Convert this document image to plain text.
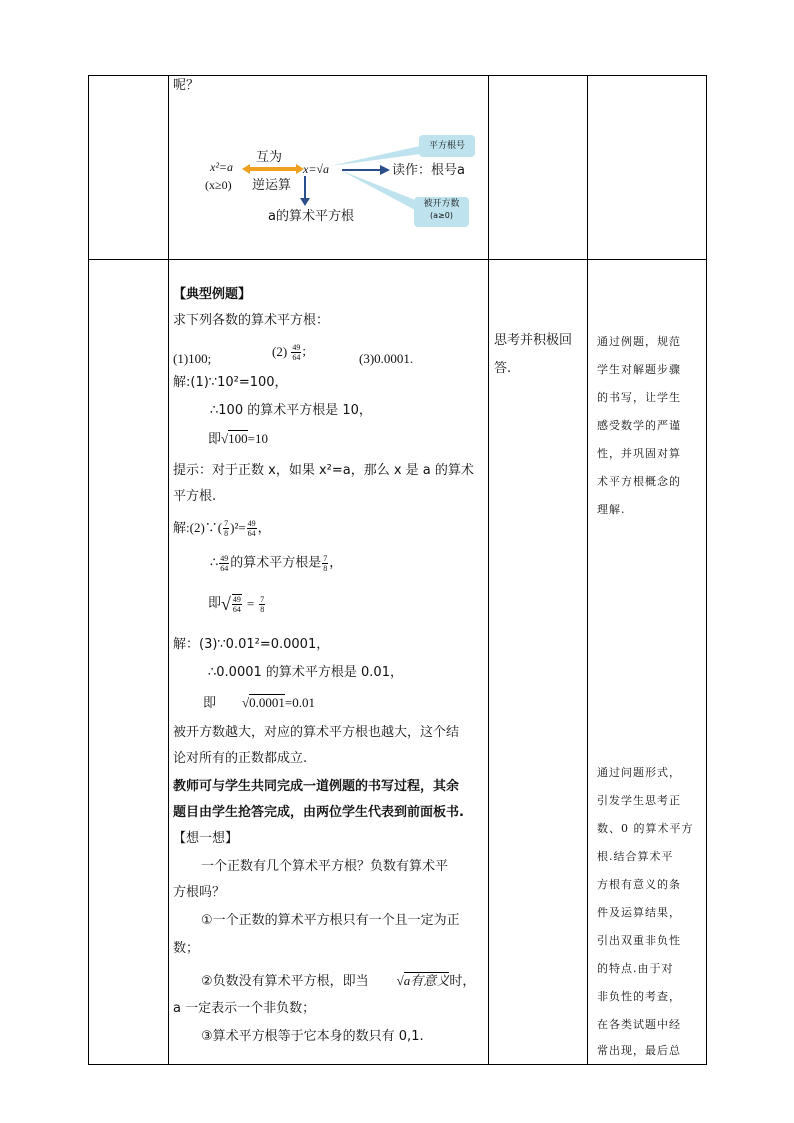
呢？
x²=a
(x≥0)
互为
逆运算
x=√a
a的算术平方根
读作：根号a
平方根号
被开方数
(a≥0)
【典型例题】
求下列各数的算术平方根：
(1)100;	$(2) \frac{49}{64}$ ;
(3)0.0001.
解:(1)∵10²=100，
∴100 的算术平方根是 10，
即√100=10
提示：对于正数 x，如果 x²=a，那么 x 是 a 的算术
平方根.
解:(2)∵( $\frac{7}{8} )^2= \frac{49}{64}$ ，
∴ $\frac{49}{64}$ 的算术平方根是 $\frac{7}{8}$ ，
即√ $\frac{49}{64} = \frac{7}{8}$
解：(3)∵0.01²=0.0001，
∴0.0001 的算术平方根是 0.01，
即 √0.0001=0.01
被开方数越大，对应的算术平方根也越大，这个结
论对所有的正数都成立.
教师可与学生共同完成一道例题的书写过程，其余
题目由学生抢答完成，由两位学生代表到前面板书.
【想一想】
一个正数有几个算术平方根？负数有算术平
方根吗？
①一个正数的算术平方根只有一个且一定为正
数；
②负数没有算术平方根，即当 √a有意义时，
a 一定表示一个非负数；
③算术平方根等于它本身的数只有 0,1.
思考并积极回
答.
通过例题，规范
学生对解题步骤
的书写，让学生
感受数学的严谨
性，并巩固对算
术平方根概念的
理解.
通过问题形式，
引发学生思考正
数、0 的算术平方
根.结合算术平
方根有意义的条
件及运算结果，
引出双重非负性
的特点.由于对
非负性的考查，
在各类试题中经
常出现，最后总
